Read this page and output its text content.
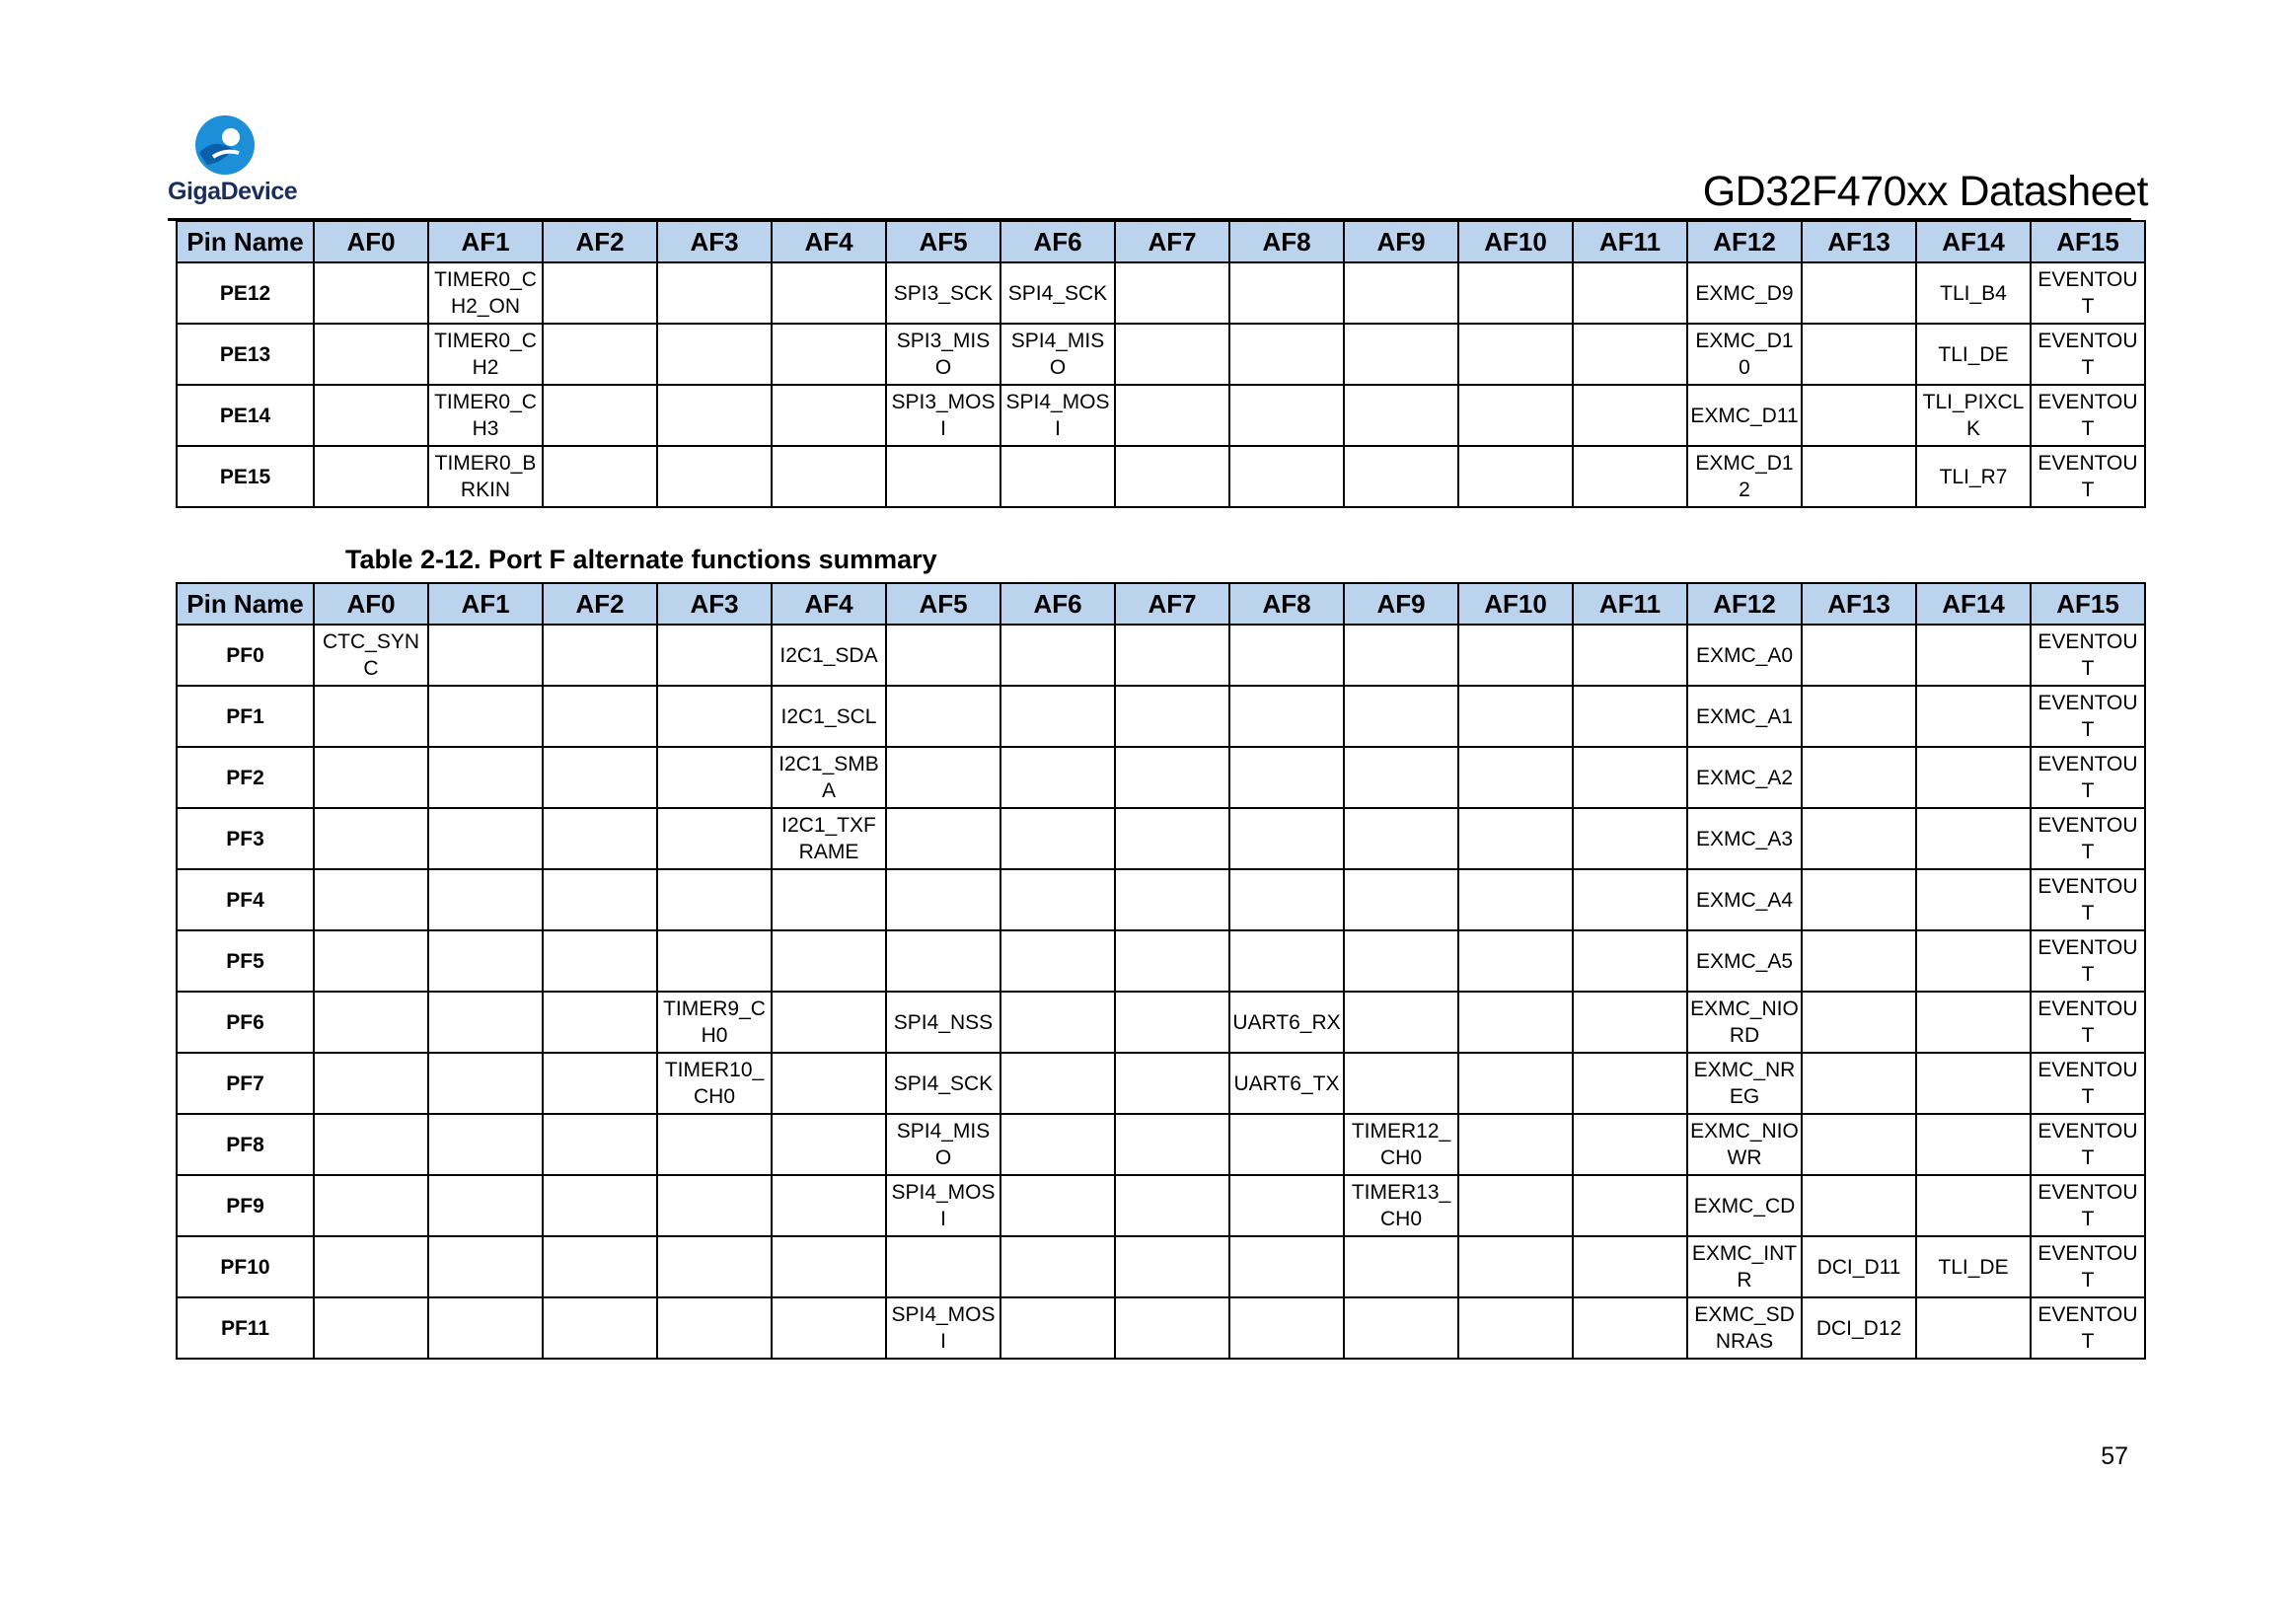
GigaDevice	GD32F470xx Datasheet
Pin Name	AF0	AF1	AF2	AF3	AF4	AF5	AF6	AF7	AF8	AF9	AF10	AF11	AF12	AF13	AF14	AF15
PE12		TIMER0_CH2_ON				SPI3_SCK	SPI4_SCK						EXMC_D9		TLI_B4	EVENTOUT
PE13		TIMER0_CH2				SPI3_MISO	SPI4_MISO						EXMC_D10		TLI_DE	EVENTOUT
PE14		TIMER0_CH3				SPI3_MOSI	SPI4_MOSI						EXMC_D11		TLI_PIXCLK	EVENTOUT
PE15		TIMER0_BRKIN											EXMC_D12		TLI_R7	EVENTOUT
Table 2-12. Port F alternate functions summary
Pin Name	AF0	AF1	AF2	AF3	AF4	AF5	AF6	AF7	AF8	AF9	AF10	AF11	AF12	AF13	AF14	AF15
PF0	CTC_SYNC				I2C1_SDA								EXMC_A0			EVENTOUT
PF1					I2C1_SCL								EXMC_A1			EVENTOUT
PF2					I2C1_SMBA								EXMC_A2			EVENTOUT
PF3					I2C1_TXFRAME								EXMC_A3			EVENTOUT
PF4													EXMC_A4			EVENTOUT
PF5													EXMC_A5			EVENTOUT
PF6				TIMER9_CH0		SPI4_NSS			UART6_RX				EXMC_NIORD			EVENTOUT
PF7				TIMER10_CH0		SPI4_SCK			UART6_TX				EXMC_NREG			EVENTOUT
PF8						SPI4_MISO				TIMER12_CH0			EXMC_NIOWR			EVENTOUT
PF9						SPI4_MOSI				TIMER13_CH0			EXMC_CD			EVENTOUT
PF10													EXMC_INTR	DCI_D11	TLI_DE	EVENTOUT
PF11						SPI4_MOSI							EXMC_SDNRAS	DCI_D12		EVENTOUT
57
